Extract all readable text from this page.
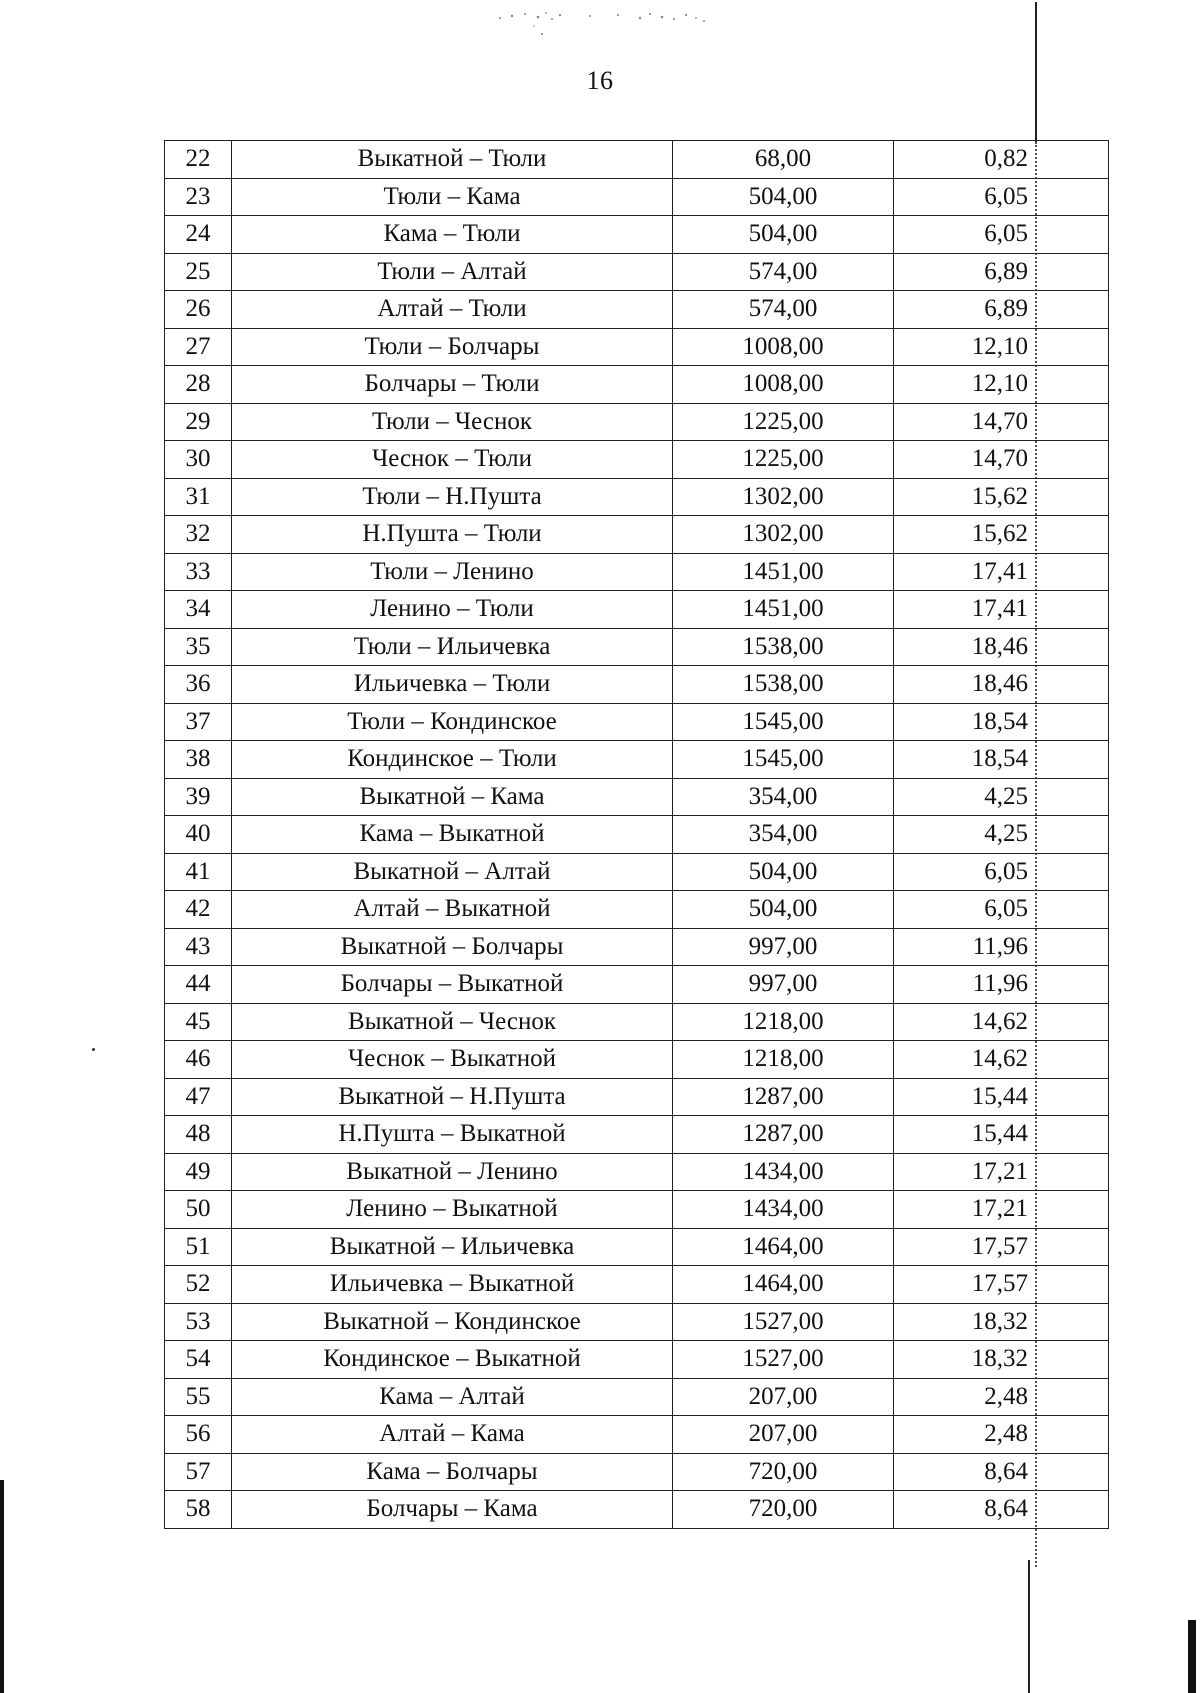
16
22	Выкатной – Тюли	68,00	0,82
23	Тюли – Кама	504,00	6,05
24	Кама – Тюли	504,00	6,05
25	Тюли – Алтай	574,00	6,89
26	Алтай – Тюли	574,00	6,89
27	Тюли – Болчары	1008,00	12,10
28	Болчары – Тюли	1008,00	12,10
29	Тюли – Чеснок	1225,00	14,70
30	Чеснок – Тюли	1225,00	14,70
31	Тюли – Н.Пушта	1302,00	15,62
32	Н.Пушта – Тюли	1302,00	15,62
33	Тюли – Ленино	1451,00	17,41
34	Ленино – Тюли	1451,00	17,41
35	Тюли – Ильичевка	1538,00	18,46
36	Ильичевка – Тюли	1538,00	18,46
37	Тюли – Кондинское	1545,00	18,54
38	Кондинское – Тюли	1545,00	18,54
39	Выкатной – Кама	354,00	4,25
40	Кама – Выкатной	354,00	4,25
41	Выкатной – Алтай	504,00	6,05
42	Алтай – Выкатной	504,00	6,05
43	Выкатной – Болчары	997,00	11,96
44	Болчары – Выкатной	997,00	11,96
45	Выкатной – Чеснок	1218,00	14,62
46	Чеснок – Выкатной	1218,00	14,62
47	Выкатной – Н.Пушта	1287,00	15,44
48	Н.Пушта – Выкатной	1287,00	15,44
49	Выкатной – Ленино	1434,00	17,21
50	Ленино – Выкатной	1434,00	17,21
51	Выкатной – Ильичевка	1464,00	17,57
52	Ильичевка – Выкатной	1464,00	17,57
53	Выкатной – Кондинское	1527,00	18,32
54	Кондинское – Выкатной	1527,00	18,32
55	Кама – Алтай	207,00	2,48
56	Алтай – Кама	207,00	2,48
57	Кама – Болчары	720,00	8,64
58	Болчары – Кама	720,00	8,64
